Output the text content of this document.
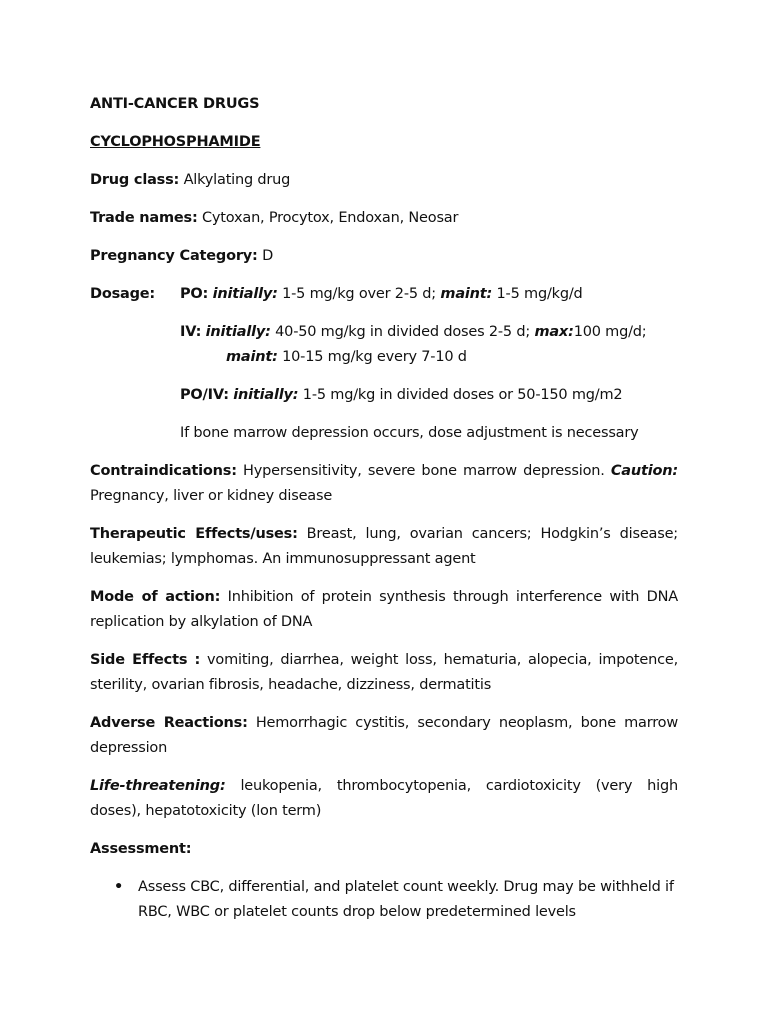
ANTI-CANCER DRUGS
CYCLOPHOSPHAMIDE
Drug class: Alkylating drug
Trade names: Cytoxan, Procytox, Endoxan, Neosar
Pregnancy Category: D
Dosage: PO: initially: 1-5 mg/kg over 2-5 d; maint: 1-5 mg/kg/d
IV: initially: 40-50 mg/kg in divided doses 2-5 d; max:100 mg/d;
maint: 10-15 mg/kg every 7-10 d
PO/IV: initially: 1-5 mg/kg in divided doses or 50-150 mg/m2
If bone marrow depression occurs, dose adjustment is necessary
Contraindications: Hypersensitivity, severe bone marrow depression. Caution: Pregnancy, liver or kidney disease
Therapeutic Effects/uses: Breast, lung, ovarian cancers; Hodgkin’s disease; leukemias; lymphomas. An immunosuppressant agent
Mode of action: Inhibition of protein synthesis through interference with DNA replication by alkylation of DNA
Side Effects : vomiting, diarrhea, weight loss, hematuria, alopecia, impotence, sterility, ovarian fibrosis, headache, dizziness, dermatitis
Adverse Reactions: Hemorrhagic cystitis, secondary neoplasm, bone marrow depression
Life-threatening: leukopenia, thrombocytopenia, cardiotoxicity (very high doses), hepatotoxicity (lon term)
Assessment:
• Assess CBC, differential, and platelet count weekly. Drug may be withheld if RBC, WBC or platelet counts drop below predetermined levels
